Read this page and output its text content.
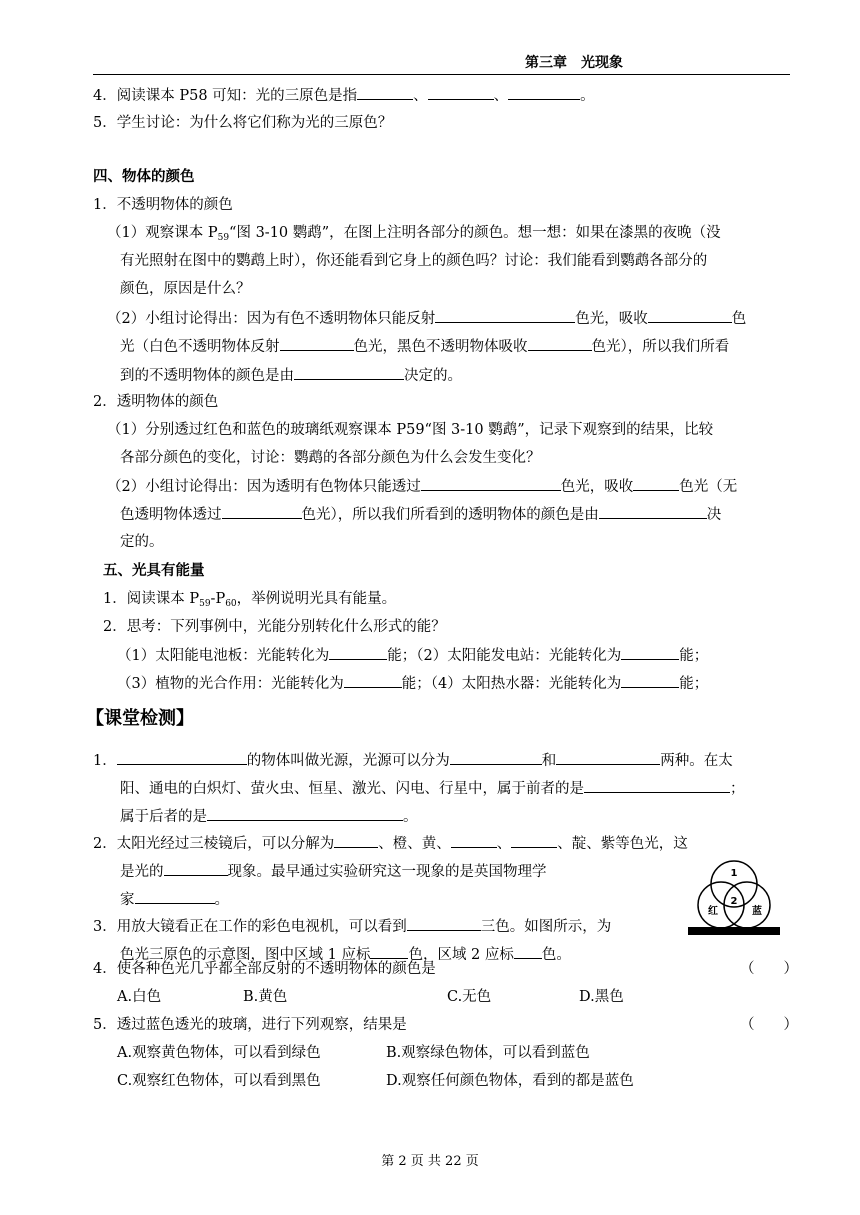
第三章　光现象
4．阅读课本 P58 可知：光的三原色是指	、	、	。
5．学生讨论：为什么将它们称为光的三原色？
四、物体的颜色
1．不透明物体的颜色
（1）观察课本 $P_{59}“$图 3-10 鹦鹉”，在图上注明各部分的颜色。想一想：如果在漆黑的夜晚（没
有光照射在图中的鹦鹉上时），你还能看到它身上的颜色吗？讨论：我们能看到鹦鹉各部分的
颜色，原因是什么？
（2）小组讨论得出：因为有色不透明物体只能反射	色光，吸收	色
光（白色不透明物体反射	色光，黑色不透明物体吸收	色光），所以我们所看
到的不透明物体的颜色是由	决定的。
2．透明物体的颜色
（1）分别透过红色和蓝色的玻璃纸观察课本 P59“图 3-10 鹦鹉”，记录下观察到的结果，比较
各部分颜色的变化，讨论：鹦鹉的各部分颜色为什么会发生变化？
（2）小组讨论得出：因为透明有色物体只能透过	色光，吸收	色光（无
色透明物体透过	色光），所以我们所看到的透明物体的颜色是由	决
定的。
五、光具有能量
1．阅读课本 $P_{59}-P_{60}$，举例说明光具有能量。
2．思考：下列事例中，光能分别转化什么形式的能？
（1）太阳能电池板：光能转化为	能；（2）太阳能发电站：光能转化为	能；
（3）植物的光合作用：光能转化为	能；（4）太阳热水器：光能转化为	能；
【课堂检测】
1．	的物体叫做光源，光源可以分为	和	两种。在太
阳、通电的白炽灯、萤火虫、恒星、激光、闪电、行星中，属于前者的是	；
属于后者的是	。
2．太阳光经过三棱镜后，可以分解为	、橙、黄、	、	、靛、紫等色光，这
是光的	现象。最早通过实验研究这一现象的是英国物理学
家	。
3．用放大镜看正在工作的彩色电视机，可以看到	三色。如图所示，为
色光三原色的示意图，图中区域 1 应标	色，区域 2 应标 色。
1
2
红	蓝
4．使各种色光几乎都全部反射的不透明物体的颜色是	（　　）
A.白色	B.黄色	C.无色	D.黑色
5．透过蓝色透光的玻璃，进行下列观察，结果是	（　　）
A.观察黄色物体，可以看到绿色	B.观察绿色物体，可以看到蓝色
C.观察红色物体，可以看到黑色	D.观察任何颜色物体，看到的都是蓝色
第 2 页 共 22 页
